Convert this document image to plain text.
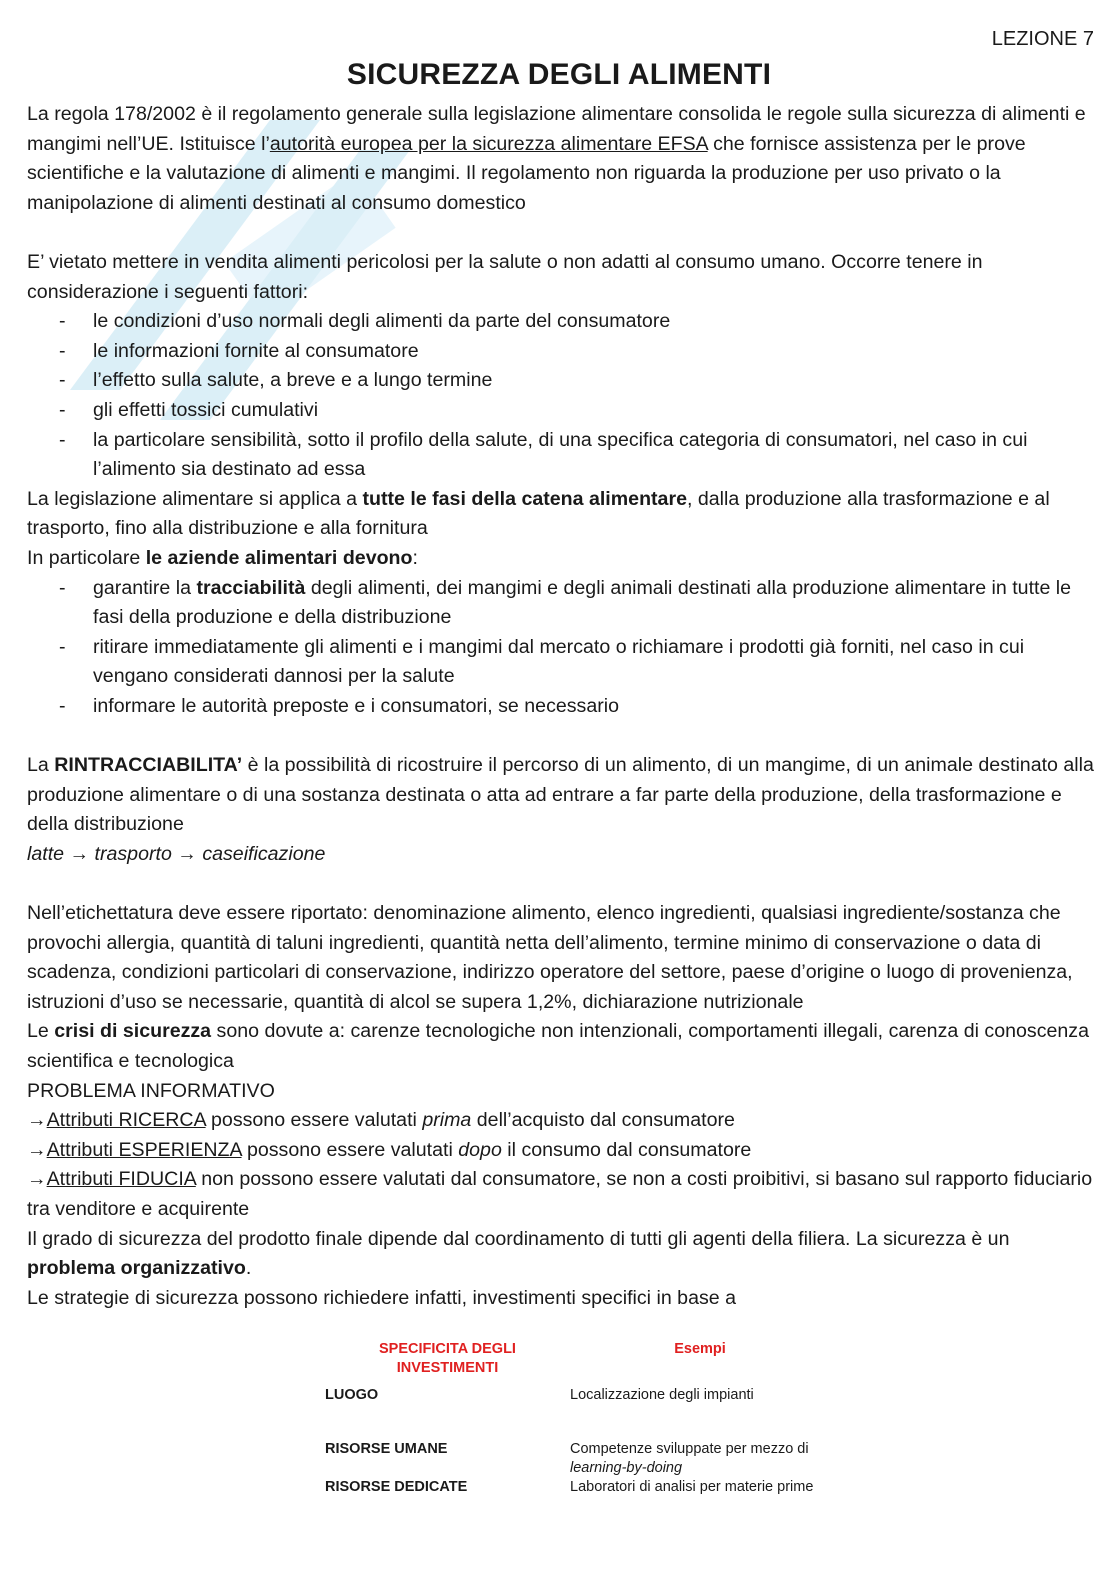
LEZIONE 7
SICUREZZA DEGLI ALIMENTI

La regola 178/2002 è il regolamento generale sulla legislazione alimentare consolida le regole sulla sicurezza di alimenti e mangimi nell’UE. Istituisce l’autorità europea per la sicurezza alimentare EFSA che fornisce assistenza per le prove scientifiche e la valutazione di alimenti e mangimi. Il regolamento non riguarda la produzione per uso privato o la manipolazione di alimenti destinati al consumo domestico

E’ vietato mettere in vendita alimenti pericolosi per la salute o non adatti al consumo umano. Occorre tenere in considerazione i seguenti fattori:

- le condizioni d’uso normali degli alimenti da parte del consumatore
- le informazioni fornite al consumatore
- l’effetto sulla salute, a breve e a lungo termine
- gli effetti tossici cumulativi
- la particolare sensibilità, sotto il profilo della salute, di una specifica categoria di consumatori, nel caso in cui l’alimento sia destinato ad essa

La legislazione alimentare si applica a tutte le fasi della catena alimentare, dalla produzione alla trasformazione e al trasporto, fino alla distribuzione e alla fornitura

In particolare le aziende alimentari devono:

- garantire la tracciabilità degli alimenti, dei mangimi e degli animali destinati alla produzione alimentare in tutte le fasi della produzione e della distribuzione
- ritirare immediatamente gli alimenti e i mangimi dal mercato o richiamare i prodotti già forniti, nel caso in cui vengano considerati dannosi per la salute
- informare le autorità preposte e i consumatori, se necessario

La RINTRACCIABILITA’ è la possibilità di ricostruire il percorso di un alimento, di un mangime, di un animale destinato alla produzione alimentare o di una sostanza destinata o atta ad entrare a far parte della produzione, della trasformazione e della distribuzione

latte → trasporto → caseificazione

Nell’etichettatura deve essere riportato: denominazione alimento, elenco ingredienti, qualsiasi ingrediente/sostanza che provochi allergia, quantità di taluni ingredienti, quantità netta dell’alimento, termine minimo di conservazione o data di scadenza, condizioni particolari di conservazione, indirizzo operatore del settore, paese d’origine o luogo di provenienza, istruzioni d’uso se necessarie, quantità di alcol se supera 1,2%, dichiarazione nutrizionale

Le crisi di sicurezza sono dovute a: carenze tecnologiche non intenzionali, comportamenti illegali, carenza di conoscenza scientifica e tecnologica

PROBLEMA INFORMATIVO

→Attributi RICERCA possono essere valutati prima dell’acquisto dal consumatore

→Attributi ESPERIENZA possono essere valutati dopo il consumo dal consumatore

→Attributi FIDUCIA non possono essere valutati dal consumatore, se non a costi proibitivi, si basano sul rapporto fiduciario tra venditore e acquirente

Il grado di sicurezza del prodotto finale dipende dal coordinamento di tutti gli agenti della filiera. La sicurezza è un problema organizzativo.

Le strategie di sicurezza possono richiedere infatti, investimenti specifici in base a

SPECIFICITA DEGLI
INVESTIMENTI	Esempi
LUOGO	Localizzazione degli impianti
RISORSE UMANE	Competenze sviluppate per mezzo di learning-by-doing
RISORSE DEDICATE	Laboratori di analisi per materie prime
